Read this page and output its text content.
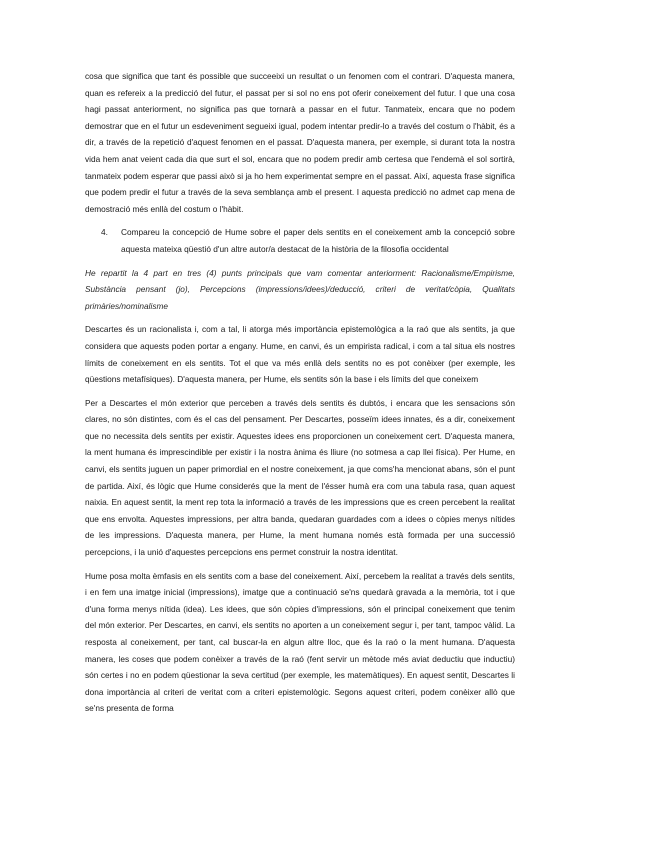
cosa que significa que tant és possible que succeeixi un resultat o un fenomen com el contrari. D'aquesta manera, quan es refereix a la predicció del futur, el passat per si sol no ens pot oferir coneixement del futur. I que una cosa hagi passat anteriorment, no significa pas que tornarà a passar en el futur. Tanmateix, encara que no podem demostrar que en el futur un esdeveniment segueixi igual, podem intentar predir-lo a través del costum o l'hàbit, és a dir, a través de la repetició d'aquest fenomen en el passat. D'aquesta manera, per exemple, si durant tota la nostra vida hem anat veient cada dia que surt el sol, encara que no podem predir amb certesa que l'endemà el sol sortirà, tanmateix podem esperar que passi això si ja ho hem experimentat sempre en el passat. Així, aquesta frase significa que podem predir el futur a través de la seva semblança amb el present. I aquesta predicció no admet cap mena de demostració més enllà del costum o l'hàbit.

4.	Compareu la concepció de Hume sobre el paper dels sentits en el coneixement amb la concepció sobre aquesta mateixa qüestió d'un altre autor/a destacat de la història de la filosofia occidental

He repartit la 4 part en tres (4) punts principals que vam comentar anteriorment: Racionalisme/Empirisme, Substància pensant (jo), Percepcions (impressions/idees)/deducció, criteri de veritat/còpia, Qualitats primàries/nominalisme

Descartes és un racionalista i, com a tal, li atorga més importància epistemològica a la raó que als sentits, ja que considera que aquests poden portar a engany. Hume, en canvi, és un empirista radical, i com a tal situa els nostres límits de coneixement en els sentits. Tot el que va més enllà dels sentits no es pot conèixer (per exemple, les qüestions metafísiques). D'aquesta manera, per Hume, els sentits són la base i els límits del que coneixem

Per a Descartes el món exterior que perceben a través dels sentits és dubtós, i encara que les sensacions són clares, no són distintes, com és el cas del pensament. Per Descartes, posseïm idees innates, és a dir, coneixement que no necessita dels sentits per existir. Aquestes idees ens proporcionen un coneixement cert. D'aquesta manera, la ment humana és imprescindible per existir i la nostra ànima és lliure (no sotmesa a cap llei física). Per Hume, en canvi, els sentits juguen un paper primordial en el nostre coneixement, ja que coms'ha mencionat abans, són el punt de partida. Així, és lògic que Hume considerés que la ment de l'ésser humà era com una tabula rasa, quan aquest naixia. En aquest sentit, la ment rep tota la informació a través de les impressions que es creen percebent la realitat que ens envolta. Aquestes impressions, per altra banda, quedaran guardades com a idees o còpies menys nítides de les impressions. D'aquesta manera, per Hume, la ment humana només està formada per una successió percepcions, i la unió d'aquestes percepcions ens permet construir la nostra identitat.

Hume posa molta èmfasis en els sentits com a base del coneixement. Així, percebem la realitat a través dels sentits, i en fem una imatge inicial (impressions), imatge que a continuació se'ns quedarà gravada a la memòria, tot i que d'una forma menys nítida (idea). Les idees, que són còpies d'impressions, són el principal coneixement que tenim del món exterior. Per Descartes, en canvi, els sentits no aporten a un coneixement segur i, per tant, tampoc vàlid. La resposta al coneixement, per tant, cal buscar-la en algun altre lloc, que és la raó o la ment humana. D'aquesta manera, les coses que podem conèixer a través de la raó (fent servir un mètode més aviat deductiu que inductiu) són certes i no en podem qüestionar la seva certitud (per exemple, les matemàtiques). En aquest sentit, Descartes li dona importància al criteri de veritat com a criteri epistemològic. Segons aquest criteri, podem conèixer allò que se'ns presenta de forma
